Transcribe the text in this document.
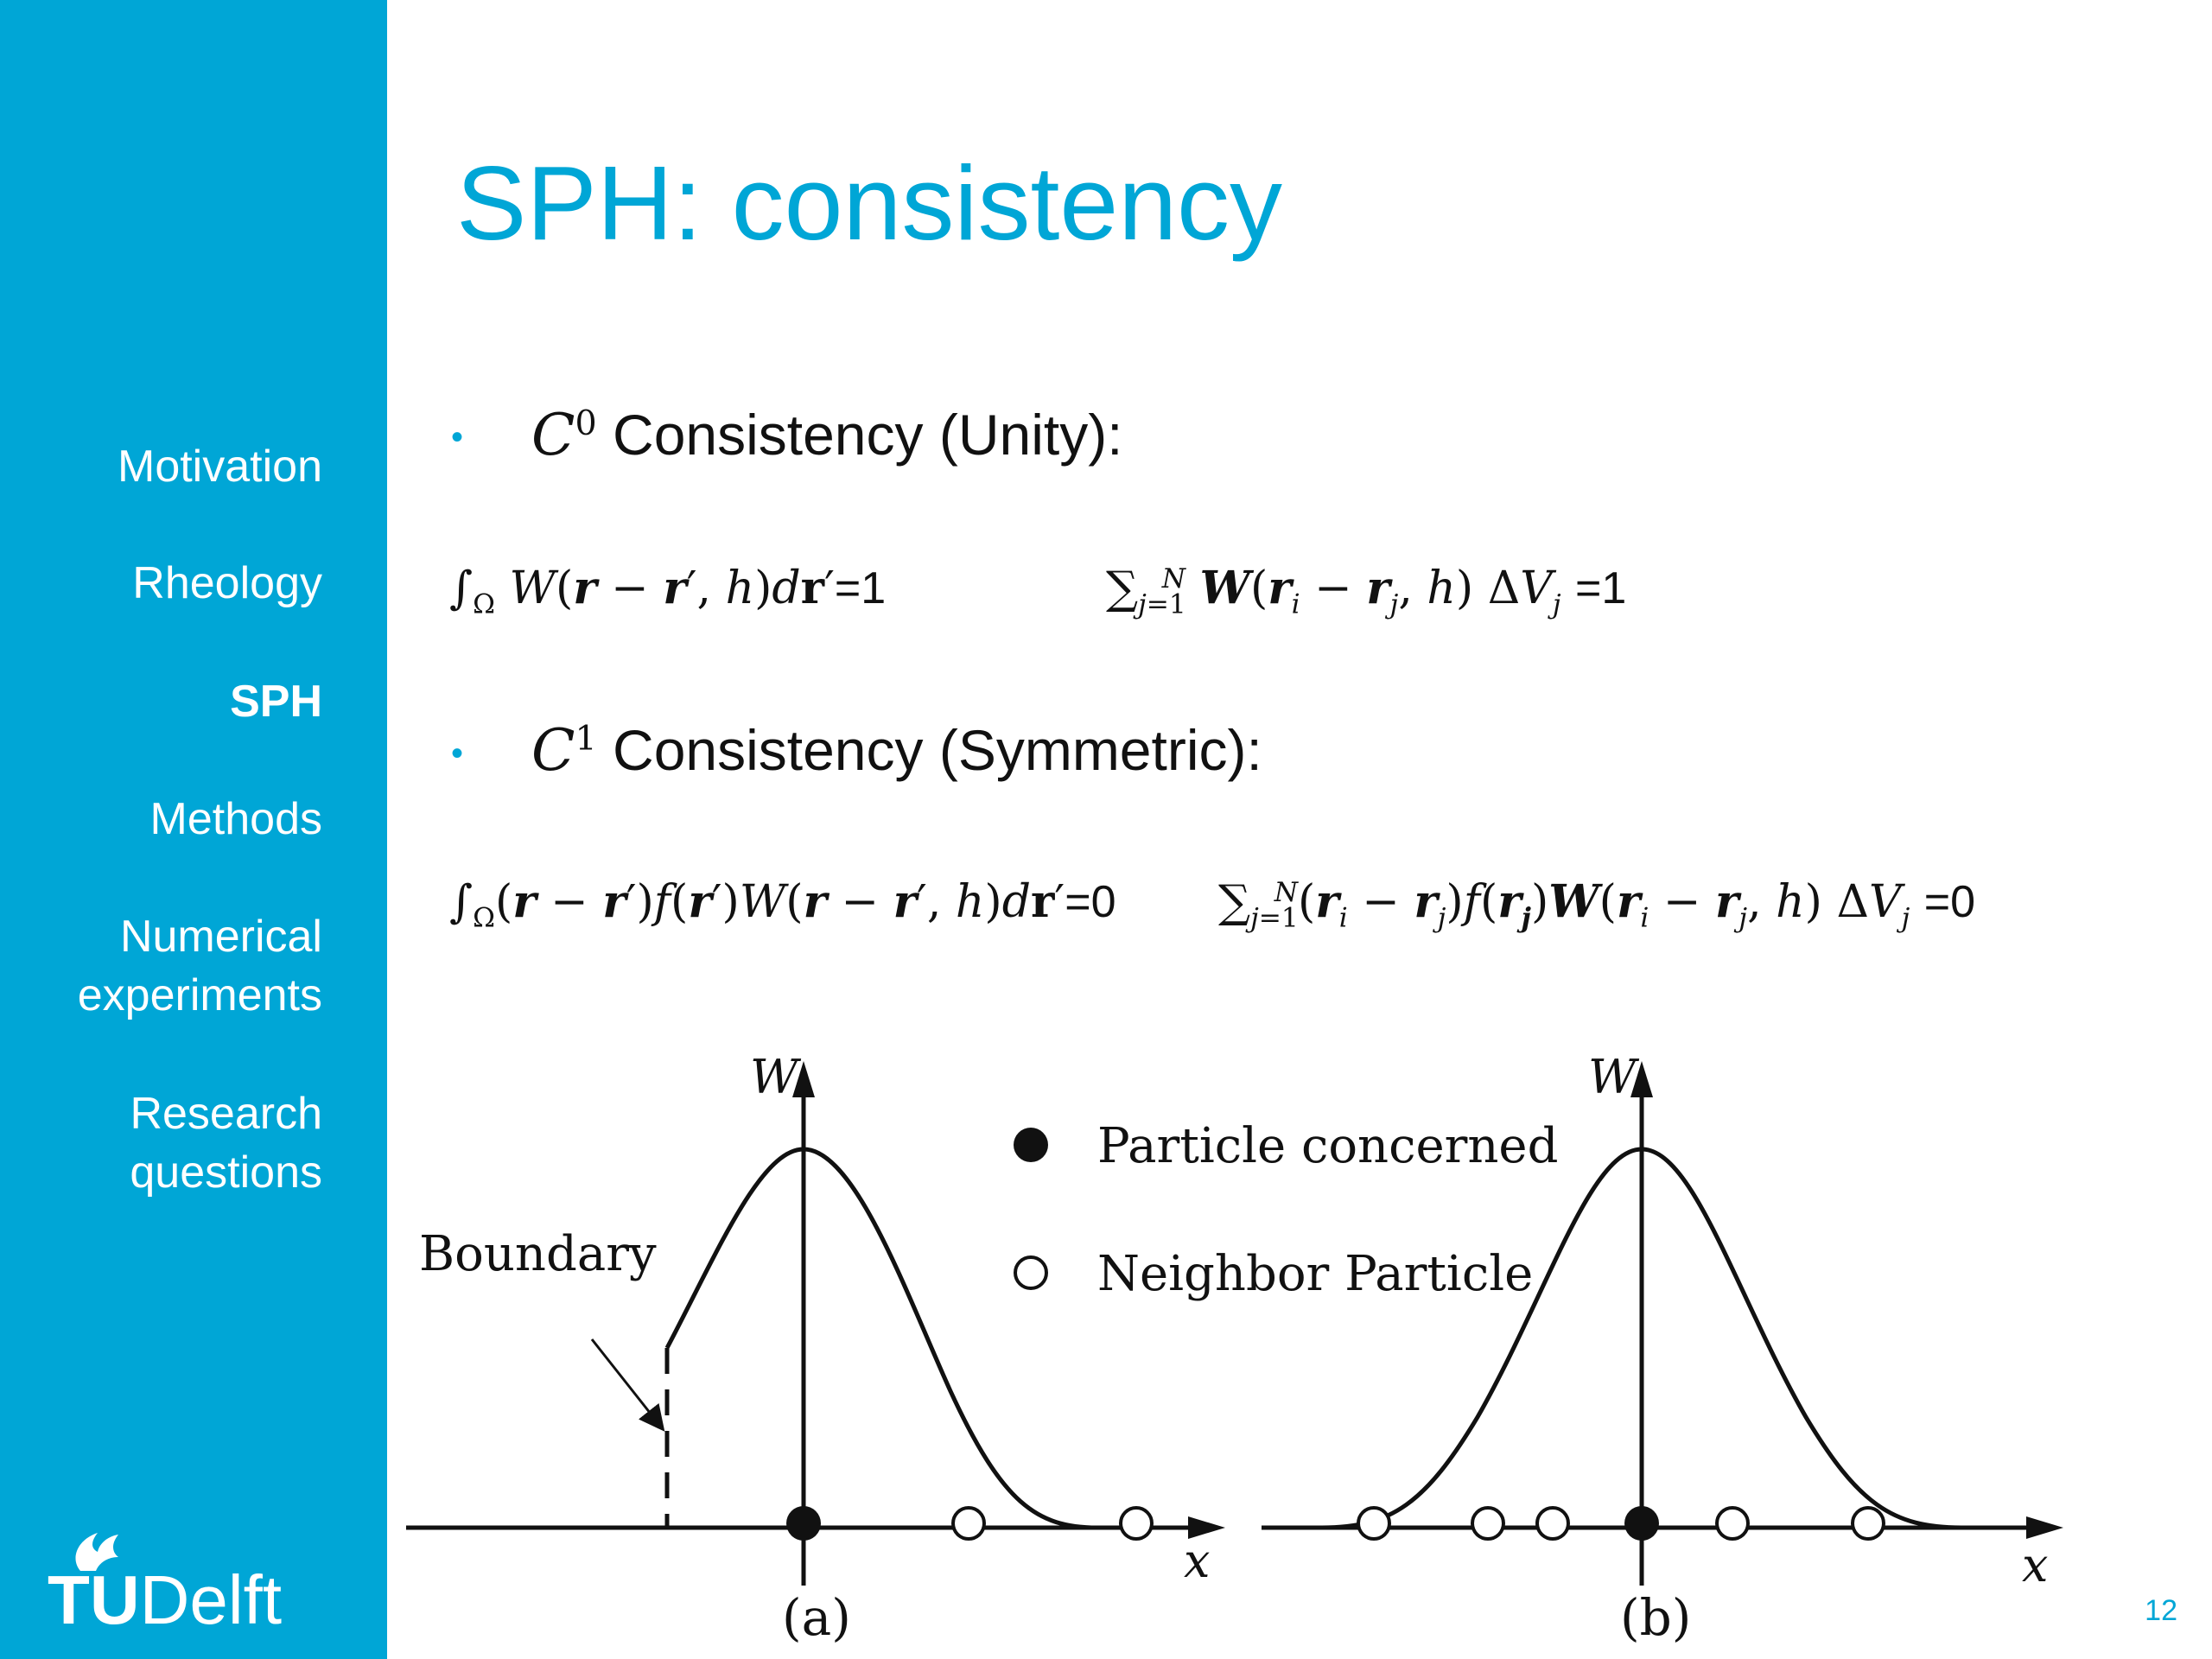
Motivation
Rheology
SPH
Methods
Numerical
experiments
Research
questions
TUDelft
SPH: consistency
• $C^0$ Consistency (Unity):
$\int_\Omega$ W(r − r′, h)dr′=1	$\sum_{j=1}^N$ $W(r_i - r_j$, h) $\Delta V_j =1$
• $C^1$ Consistency (Symmetric):
$\int_\Omega(r - r')f(r')W(r - r'$, h)dr′=0 $\sum_{j=1}^N(r_i - r_j)f(r_j)W(r_i - r_j$, h) $\Delta V_j =0$
W
x
Boundary
(a)
Particle concerned
Neighbor Particle
W
x
(b)	12
